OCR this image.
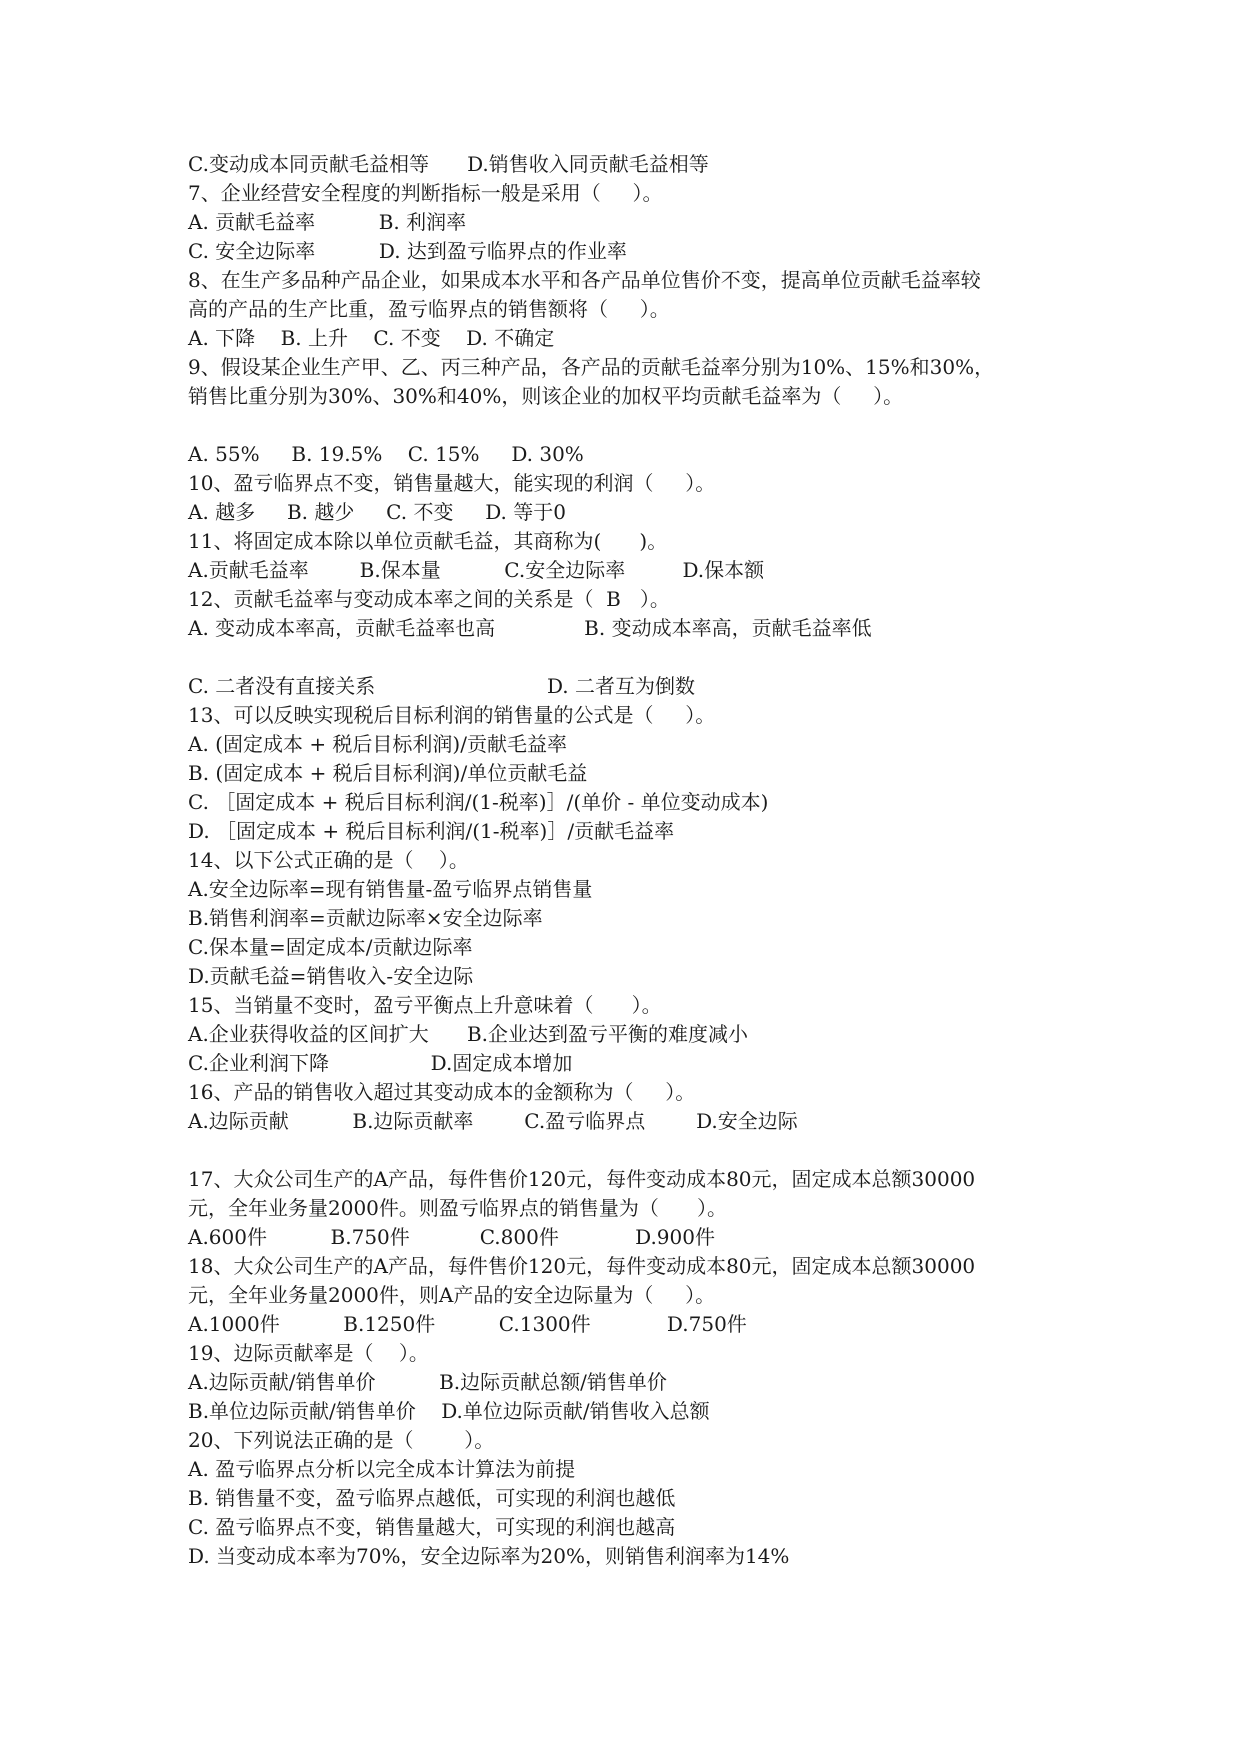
C.变动成本同贡献毛益相等      D.销售收入同贡献毛益相等
7、企业经营安全程度的判断指标一般是采用（     ）。
A. 贡献毛益率          B. 利润率
C. 安全边际率          D. 达到盈亏临界点的作业率
8、在生产多品种产品企业，如果成本水平和各产品单位售价不变，提高单位贡献毛益率较
高的产品的生产比重，盈亏临界点的销售额将（     ）。
A. 下降    B. 上升    C. 不变    D. 不确定
9、假设某企业生产甲、乙、丙三种产品，各产品的贡献毛益率分别为10%、15%和30%，
销售比重分别为30%、30%和40%，则该企业的加权平均贡献毛益率为（     ）。
A. 55%     B. 19.5%    C. 15%     D. 30%
10、盈亏临界点不变，销售量越大，能实现的利润（     ）。
A. 越多     B. 越少     C. 不变     D. 等于0
11、将固定成本除以单位贡献毛益，其商称为(      )。
A.贡献毛益率        B.保本量          C.安全边际率         D.保本额
12、贡献毛益率与变动成本率之间的关系是（  B   ）。
A. 变动成本率高，贡献毛益率也高              B. 变动成本率高，贡献毛益率低
C. 二者没有直接关系                           D. 二者互为倒数
13、可以反映实现税后目标利润的销售量的公式是（     ）。
A. (固定成本 + 税后目标利润)/贡献毛益率
B. (固定成本 + 税后目标利润)/单位贡献毛益
C. ［固定成本 + 税后目标利润/(1-税率)］/(单价 - 单位变动成本)
D. ［固定成本 + 税后目标利润/(1-税率)］/贡献毛益率
14、以下公式正确的是（    ）。
A.安全边际率=现有销售量-盈亏临界点销售量
B.销售利润率=贡献边际率×安全边际率
C.保本量=固定成本/贡献边际率
D.贡献毛益=销售收入-安全边际
15、当销量不变时，盈亏平衡点上升意味着（      ）。
A.企业获得收益的区间扩大      B.企业达到盈亏平衡的难度减小
C.企业利润下降                D.固定成本增加
16、产品的销售收入超过其变动成本的金额称为（     ）。
A.边际贡献          B.边际贡献率        C.盈亏临界点        D.安全边际
17、大众公司生产的A产品，每件售价120元，每件变动成本80元，固定成本总额30000
元，全年业务量2000件。则盈亏临界点的销售量为（      ）。
A.600件          B.750件           C.800件            D.900件
18、大众公司生产的A产品，每件售价120元，每件变动成本80元，固定成本总额30000
元，全年业务量2000件，则A产品的安全边际量为（     ）。
A.1000件          B.1250件          C.1300件            D.750件
19、边际贡献率是（    ）。
A.边际贡献/销售单价          B.边际贡献总额/销售单价
B.单位边际贡献/销售单价    D.单位边际贡献/销售收入总额
20、下列说法正确的是（        ）。
A. 盈亏临界点分析以完全成本计算法为前提
B. 销售量不变，盈亏临界点越低，可实现的利润也越低
C. 盈亏临界点不变，销售量越大，可实现的利润也越高
D. 当变动成本率为70%，安全边际率为20%，则销售利润率为14%
